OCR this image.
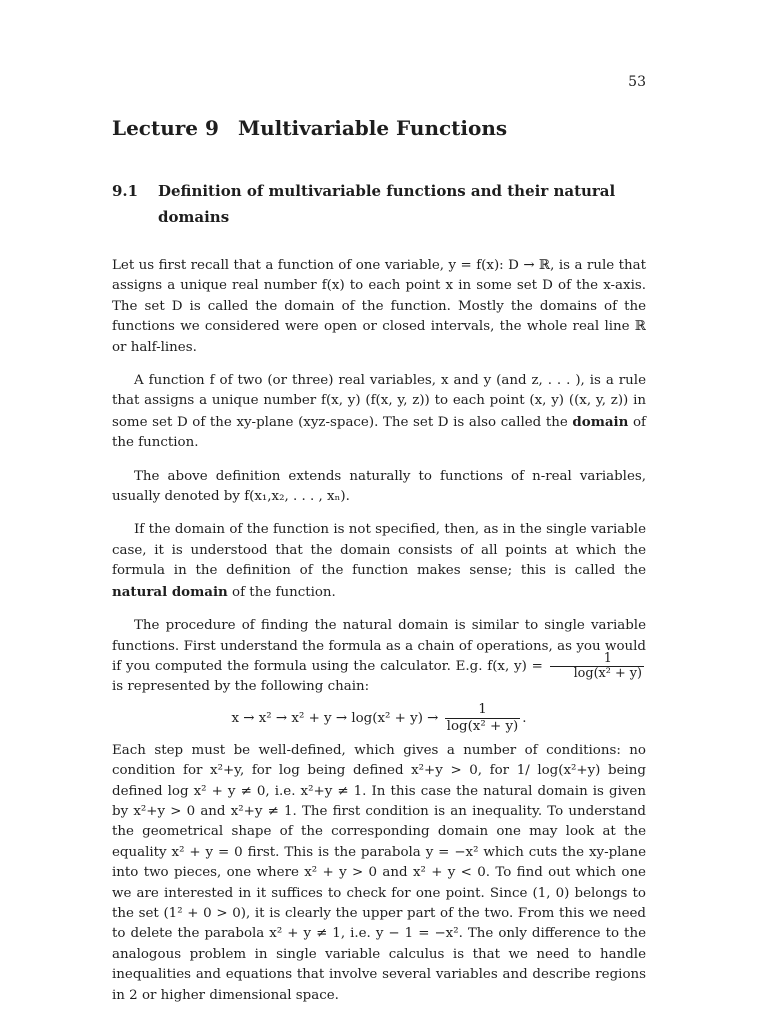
53
Lecture 9 Multivariable Functions
9.1 Definition of multivariable functions and their natural domains

Let us first recall that a function of one variable, y = f(x): D → ℝ, is a rule that assigns a unique real number f(x) to each point x in some set D of the x-axis. The set D is called the domain of the function. Mostly the domains of the functions we considered were open or closed intervals, the whole real line ℝ or half-lines.

A function f of two (or three) real variables, x and y (and z, . . . ), is a rule that assigns a unique number f(x, y) (f(x, y, z)) to each point (x, y) ((x, y, z)) in some set D of the xy-plane (xyz-space). The set D is also called the domain of the function.

The above definition extends naturally to functions of n-real variables, usually denoted by f(x₁,x₂, . . . , xₙ).

If the domain of the function is not specified, then, as in the single variable case, it is understood that the domain consists of all points at which the formula in the definition of the function makes sense; this is called the natural domain of the function.

The procedure of finding the natural domain is similar to single variable functions. First understand the formula as a chain of operations, as you would if you computed the formula using the calculator. E.g. f(x, $y) = \frac{1}{\text{log(x² + y)}}$
is represented by the following chain:

$x \to x^2 \to x^2 + y \to \log(x^2 + y) \to \frac{1}{\text{log(x² + y)}}$ .

Each step must be well-defined, which gives a number of conditions: no condition for x²+y, for log being defined x²+y > 0, for 1/ log(x²+y) being defined log x² + y ≠ 0, i.e. x²+y ≠ 1. In this case the natural domain is given by x²+y > 0 and x²+y ≠ 1. The first condition is an inequality. To understand the geometrical shape of the corresponding domain one may look at the equality x² + y = 0 first. This is the parabola y = −x² which cuts the xy-plane into two pieces, one where x² + y > 0 and x² + y < 0. To find out which one we are interested in it suffices to check for one point. Since (1, 0) belongs to the set (1² + 0 > 0), it is clearly the upper part of the two. From this we need to delete the parabola x² + y ≠ 1, i.e. y − 1 = −x². The only difference to the analogous problem in single variable calculus is that we need to handle inequalities and equations that involve several variables and describe regions in 2 or higher dimensional space.
